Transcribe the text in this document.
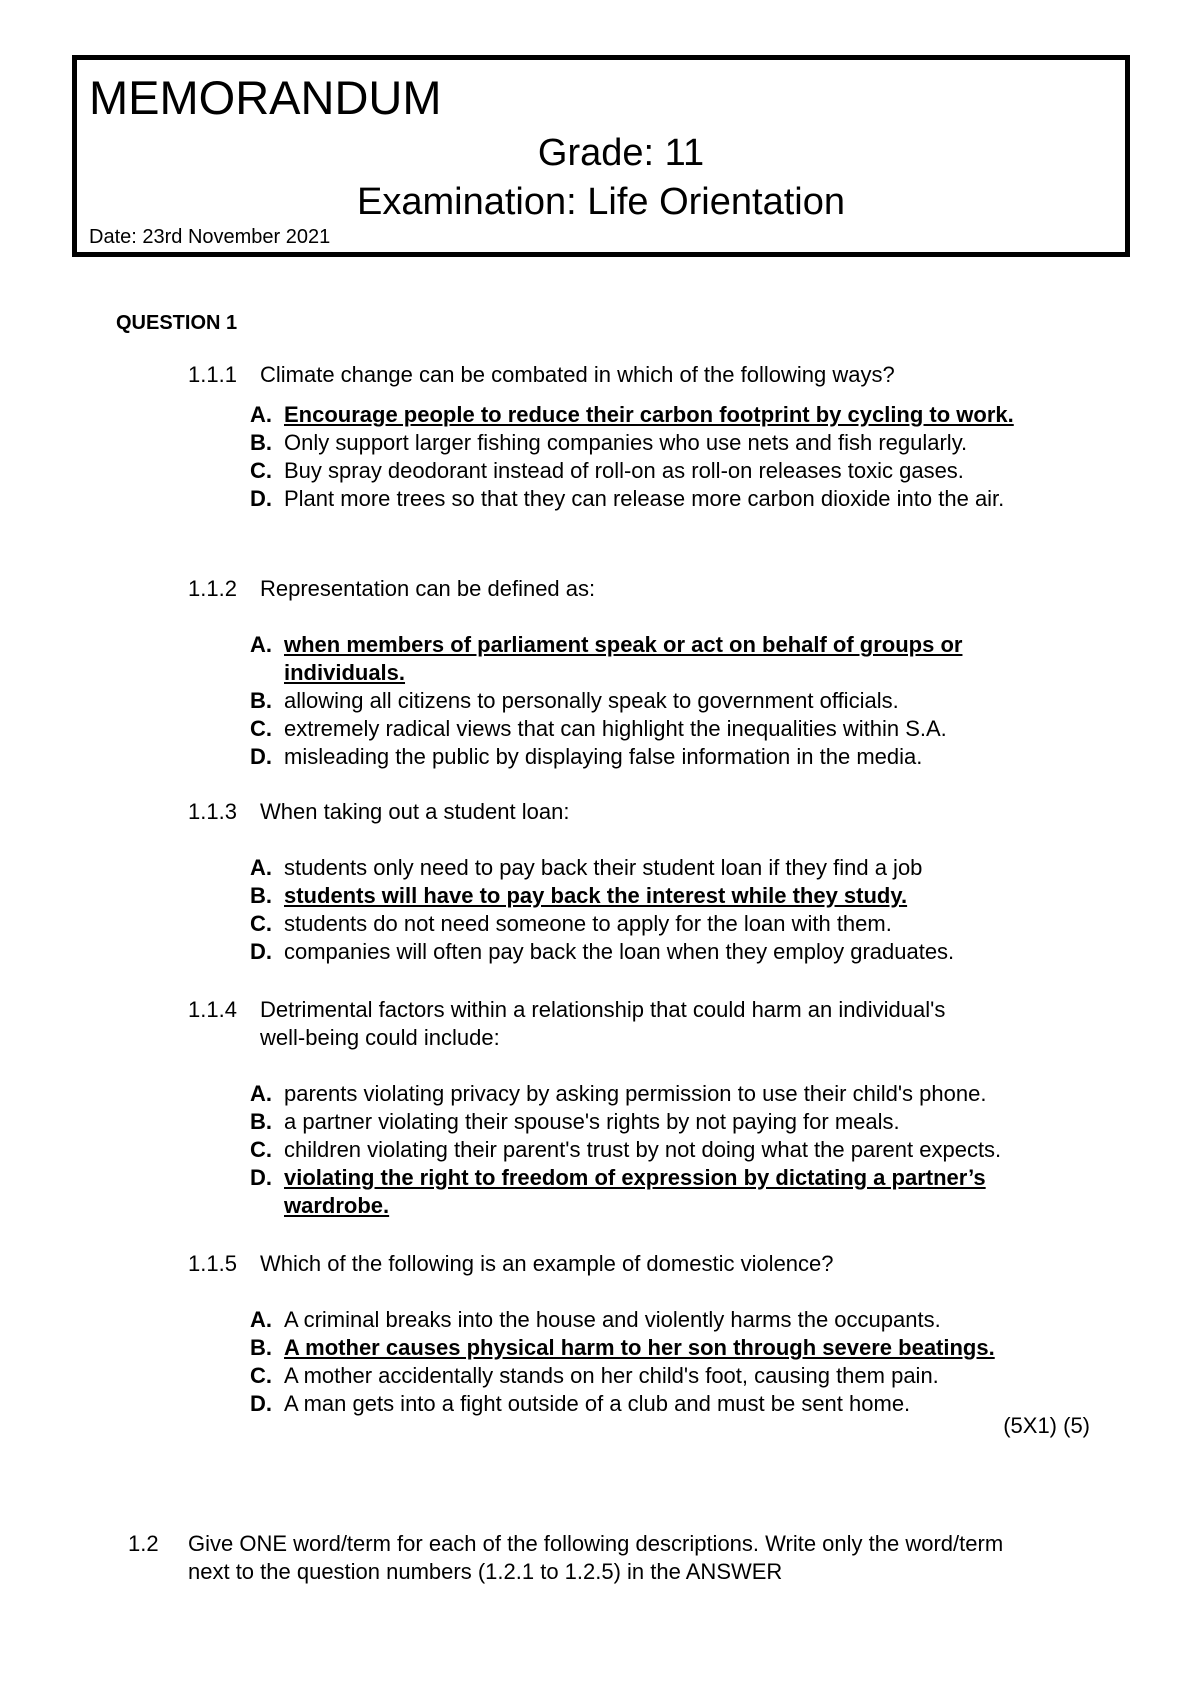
MEMORANDUM
Grade: 11
Examination: Life Orientation
Date: 23rd November 2021
QUESTION 1
1.1.1	Climate change can be combated in which of the following ways?
A. Encourage people to reduce their carbon footprint by cycling to work.
B. Only support larger fishing companies who use nets and fish regularly.
C. Buy spray deodorant instead of roll-on as roll-on releases toxic gases.
D. Plant more trees so that they can release more carbon dioxide into the air.
1.1.2	Representation can be defined as:
A. when members of parliament speak or act on behalf of groups or individuals.
B. allowing all citizens to personally speak to government officials.
C. extremely radical views that can highlight the inequalities within S.A.
D. misleading the public by displaying false information in the media.
1.1.3	When taking out a student loan:
A. students only need to pay back their student loan if they find a job
B. students will have to pay back the interest while they study.
C. students do not need someone to apply for the loan with them.
D. companies will often pay back the loan when they employ graduates.
1.1.4	Detrimental factors within a relationship that could harm an individual's
well-being could include:
A. parents violating privacy by asking permission to use their child's phone.
B. a partner violating their spouse's rights by not paying for meals.
C. children violating their parent's trust by not doing what the parent expects.
D. violating the right to freedom of expression by dictating a partner’s wardrobe.
1.1.5	Which of the following is an example of domestic violence?
A. A criminal breaks into the house and violently harms the occupants.
B. A mother causes physical harm to her son through severe beatings.
C. A mother accidentally stands on her child's foot, causing them pain.
D. A man gets into a fight outside of a club and must be sent home.
(5X1) (5)
1.2	Give ONE word/term for each of the following descriptions. Write only the word/term next to the question numbers (1.2.1 to 1.2.5) in the ANSWER
